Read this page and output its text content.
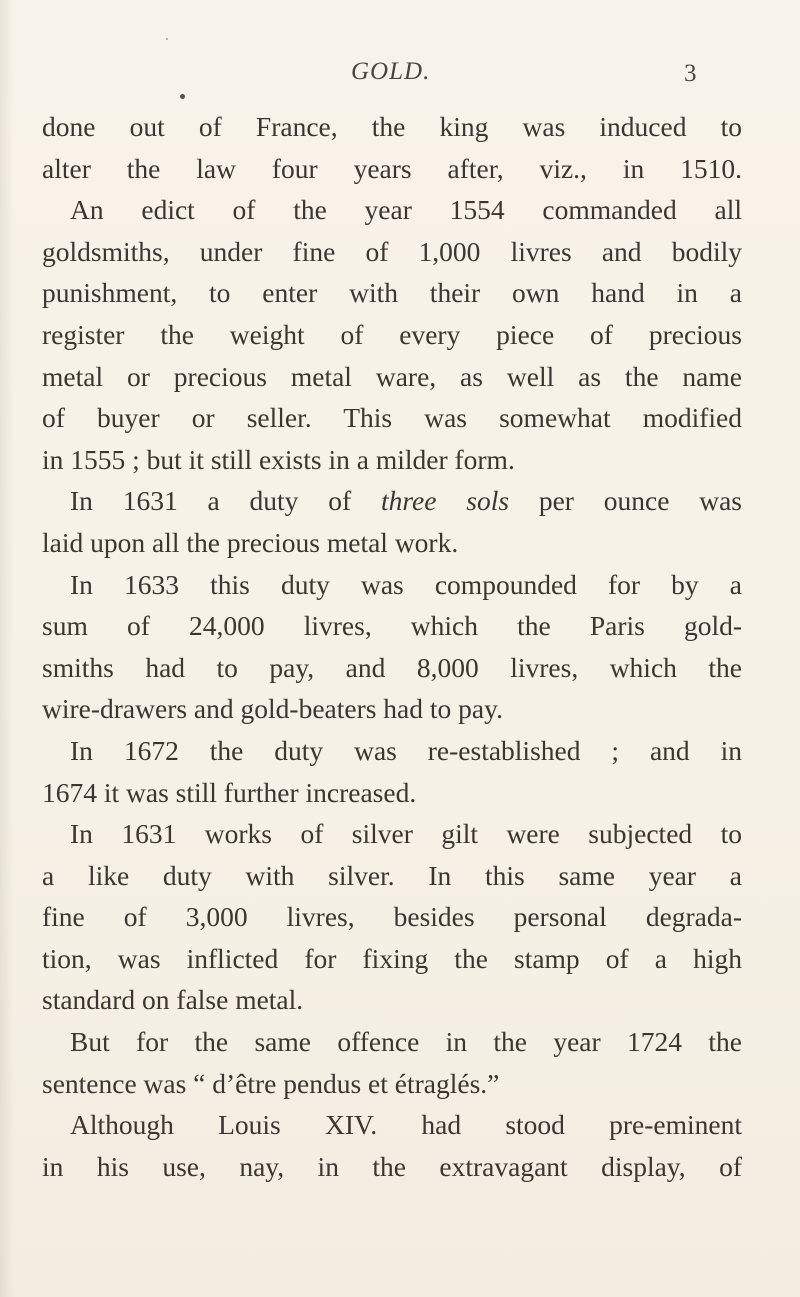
GOLD.	3
done out of France, the king was induced to
alter the law four years after, viz., in 1510.
An edict of the year 1554 commanded all
goldsmiths, under fine of 1,000 livres and bodily
punishment, to enter with their own hand in a
register the weight of every piece of precious
metal or precious metal ware, as well as the name
of buyer or seller. This was somewhat modified
in 1555 ; but it still exists in a milder form.
In 1631 a duty of three sols per ounce was
laid upon all the precious metal work.
In 1633 this duty was compounded for by a
sum of 24,000 livres, which the Paris gold-
smiths had to pay, and 8,000 livres, which the
wire-drawers and gold-beaters had to pay.
In 1672 the duty was re-established ; and in
1674 it was still further increased.
In 1631 works of silver gilt were subjected to
a like duty with silver. In this same year a
fine of 3,000 livres, besides personal degrada-
tion, was inflicted for fixing the stamp of a high
standard on false metal.
But for the same offence in the year 1724 the
sentence was “ d’être pendus et étraglés.”
Although Louis XIV. had stood pre-eminent
in his use, nay, in the extravagant display, of
